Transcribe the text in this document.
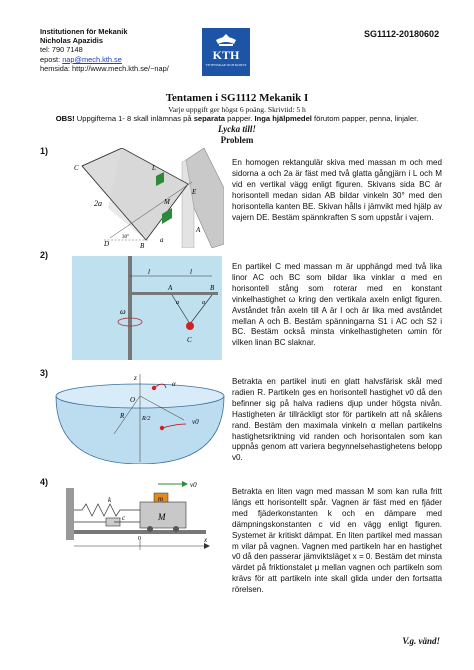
Institutionen för Mekanik
Nicholas Apazidis
tel: 790 7148
epost: nap@mech.kth.se
hemsida: http://www.mech.kth.se/~nap/
SG1112-20180602
KTH
VETENSKAP OCH KONST
Tentamen i SG1112 Mekanik I
Varje uppgift ger högst 6 poäng. Skrivtid: 5 h
OBS! Uppgifterna 1- 8 skall inlämnas på separata papper. Inga hjälpmedel förutom papper, penna, linjaler.
Lycka till!
Problem
1)
2)
3)
4)
En homogen rektangulär skiva med massan m och med sidorna a och 2a är fäst med två glatta gångjärn i L och M vid en vertikal vägg enligt figuren. Skivans sida BC är horisontell medan sidan AB bildar vinkeln 30° med den horisontella kanten BE. Skivan hålls i jämvikt med hjälp av vajern DE. Bestäm spännkraften S som uppstår i vajern.
En partikel C med massan m är upphängd med två lika linor AC och BC som bildar lika vinklar α med en horisontell stång som roterar med en konstant vinkelhastighet ω kring den vertikala axeln enligt figuren. Avståndet från axeln till A är l och är lika med avståndet mellan A och B. Bestäm spänningarna S1 i AC och S2 i BC. Bestäm också minsta vinkelhastigheten ωmin för vilken linan BC slaknar.
Betrakta en partikel inuti en glatt halvsfärisk skål med radien R. Partikeln ges en horisontell hastighet v0 då den befinner sig på halva radiens djup under högsta nivån. Hastigheten är tillräckligt stor för partikeln att nå skålens rand. Bestäm den maximala vinkeln α mellan partikelns hastighetsriktning vid randen och horisontalen som kan uppnås genom att variera begynnelsehastighetens belopp v0.
Betrakta en liten vagn med massan M som kan rulla fritt längs ett horisontellt spår. Vagnen är fäst med en fjäder med fjäderkonstanten k och en dämpare med dämpningskonstanten c vid en vägg enligt figuren. Systemet är kritiskt dämpat. En liten partikel med massan m vilar på vagnen. Vagnen med partikeln har en hastighet v0 då den passerar jämviktsläget x = 0. Bestäm det minsta värdet på friktionstalet μ mellan vagnen och partikeln som krävs för att partikeln inte skall glida under den fortsatta rörelsen.
C	L
M
E
B
D
A
2a
a
30°
l	l
A	B
α	α
C
ω
z
O
R	R/2
α
v0
v0
m
M
k
c
x
0
V.g. vänd!
